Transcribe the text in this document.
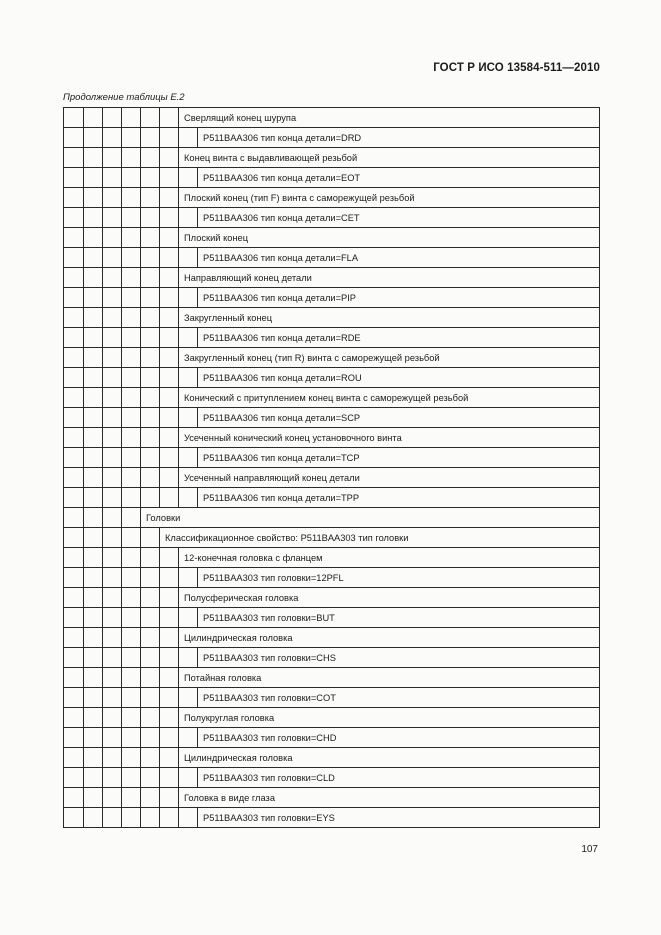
ГОСТ Р ИСО 13584-511—2010
Продолжение таблицы Е.2
						Сверлящий конец шурупа	
							P511BAA306 тип конца детали=DRD
						Конец винта с выдавливающей резьбой	
							P511BAA306 тип конца детали=EOT
						Плоский конец (тип F) винта с саморежущей резьбой	
							P511BAA306 тип конца детали=CET
						Плоский конец	
							P511BAA306 тип конца детали=FLA
						Направляющий конец детали	
							P511BAA306 тип конца детали=PIP
						Закругленный конец	
							P511BAA306 тип конца детали=RDE
						Закругленный конец (тип R) винта с саморежущей резьбой	
							P511BAA306 тип конца детали=ROU
						Конический с притуплением конец винта с саморежущей резьбой	
							P511BAA306 тип конца детали=SCP
						Усеченный конический конец установочного винта	
							P511BAA306 тип конца детали=TCP
						Усеченный направляющий конец детали	
							P511BAA306 тип конца детали=TPP
				Головки			
					Классификационное свойство: P511BAA303 тип головки		
						12-конечная головка с фланцем	
							P511BAA303 тип головки=12PFL
						Полусферическая головка	
							P511BAA303 тип головки=BUT
						Цилиндрическая головка	
							P511BAA303 тип головки=CHS
						Потайная головка	
							P511BAA303 тип головки=COT
						Полукруглая головка	
							P511BAA303 тип головки=CHD
						Цилиндрическая головка	
							P511BAA303 тип головки=CLD
						Головка в виде глаза	
							P511BAA303 тип головки=EYS
107
